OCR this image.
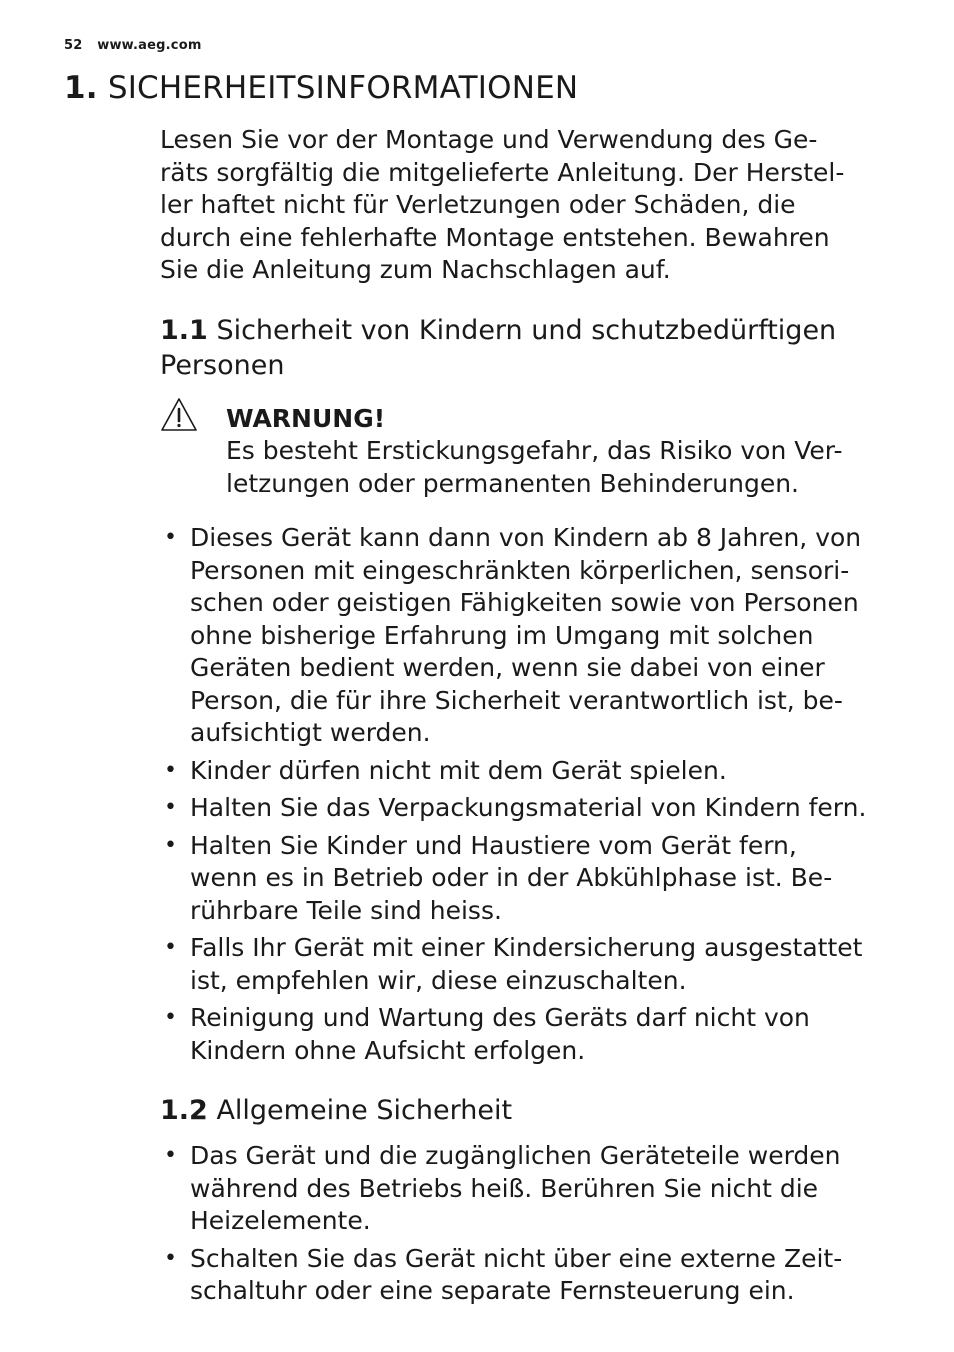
52 www.aeg.com
1. SICHERHEITSINFORMATIONEN

Lesen Sie vor der Montage und Verwendung des Ge-

räts sorgfältig die mitgelieferte Anleitung. Der Herstel-

ler haftet nicht für Verletzungen oder Schäden, die

durch eine fehlerhafte Montage entstehen. Bewahren

Sie die Anleitung zum Nachschlagen auf.

1.1 Sicherheit von Kindern und schutzbedürftigen
Personen
WARNUNG!
Es besteht Erstickungsgefahr, das Risiko von Ver-
letzungen oder permanenten Behinderungen.
• Dieses Gerät kann dann von Kindern ab 8 Jahren, von
Personen mit eingeschränkten körperlichen, sensori-
schen oder geistigen Fähigkeiten sowie von Personen
ohne bisherige Erfahrung im Umgang mit solchen
Geräten bedient werden, wenn sie dabei von einer
Person, die für ihre Sicherheit verantwortlich ist, be-
aufsichtigt werden.
• Kinder dürfen nicht mit dem Gerät spielen.
• Halten Sie das Verpackungsmaterial von Kindern fern.
• Halten Sie Kinder und Haustiere vom Gerät fern,
wenn es in Betrieb oder in der Abkühlphase ist. Be-
rührbare Teile sind heiss.
• Falls Ihr Gerät mit einer Kindersicherung ausgestattet
ist, empfehlen wir, diese einzuschalten.
• Reinigung und Wartung des Geräts darf nicht von
Kindern ohne Aufsicht erfolgen.
1.2 Allgemeine Sicherheit
• Das Gerät und die zugänglichen Geräteteile werden
während des Betriebs heiß. Berühren Sie nicht die
Heizelemente.
• Schalten Sie das Gerät nicht über eine externe Zeit-
schaltuhr oder eine separate Fernsteuerung ein.
